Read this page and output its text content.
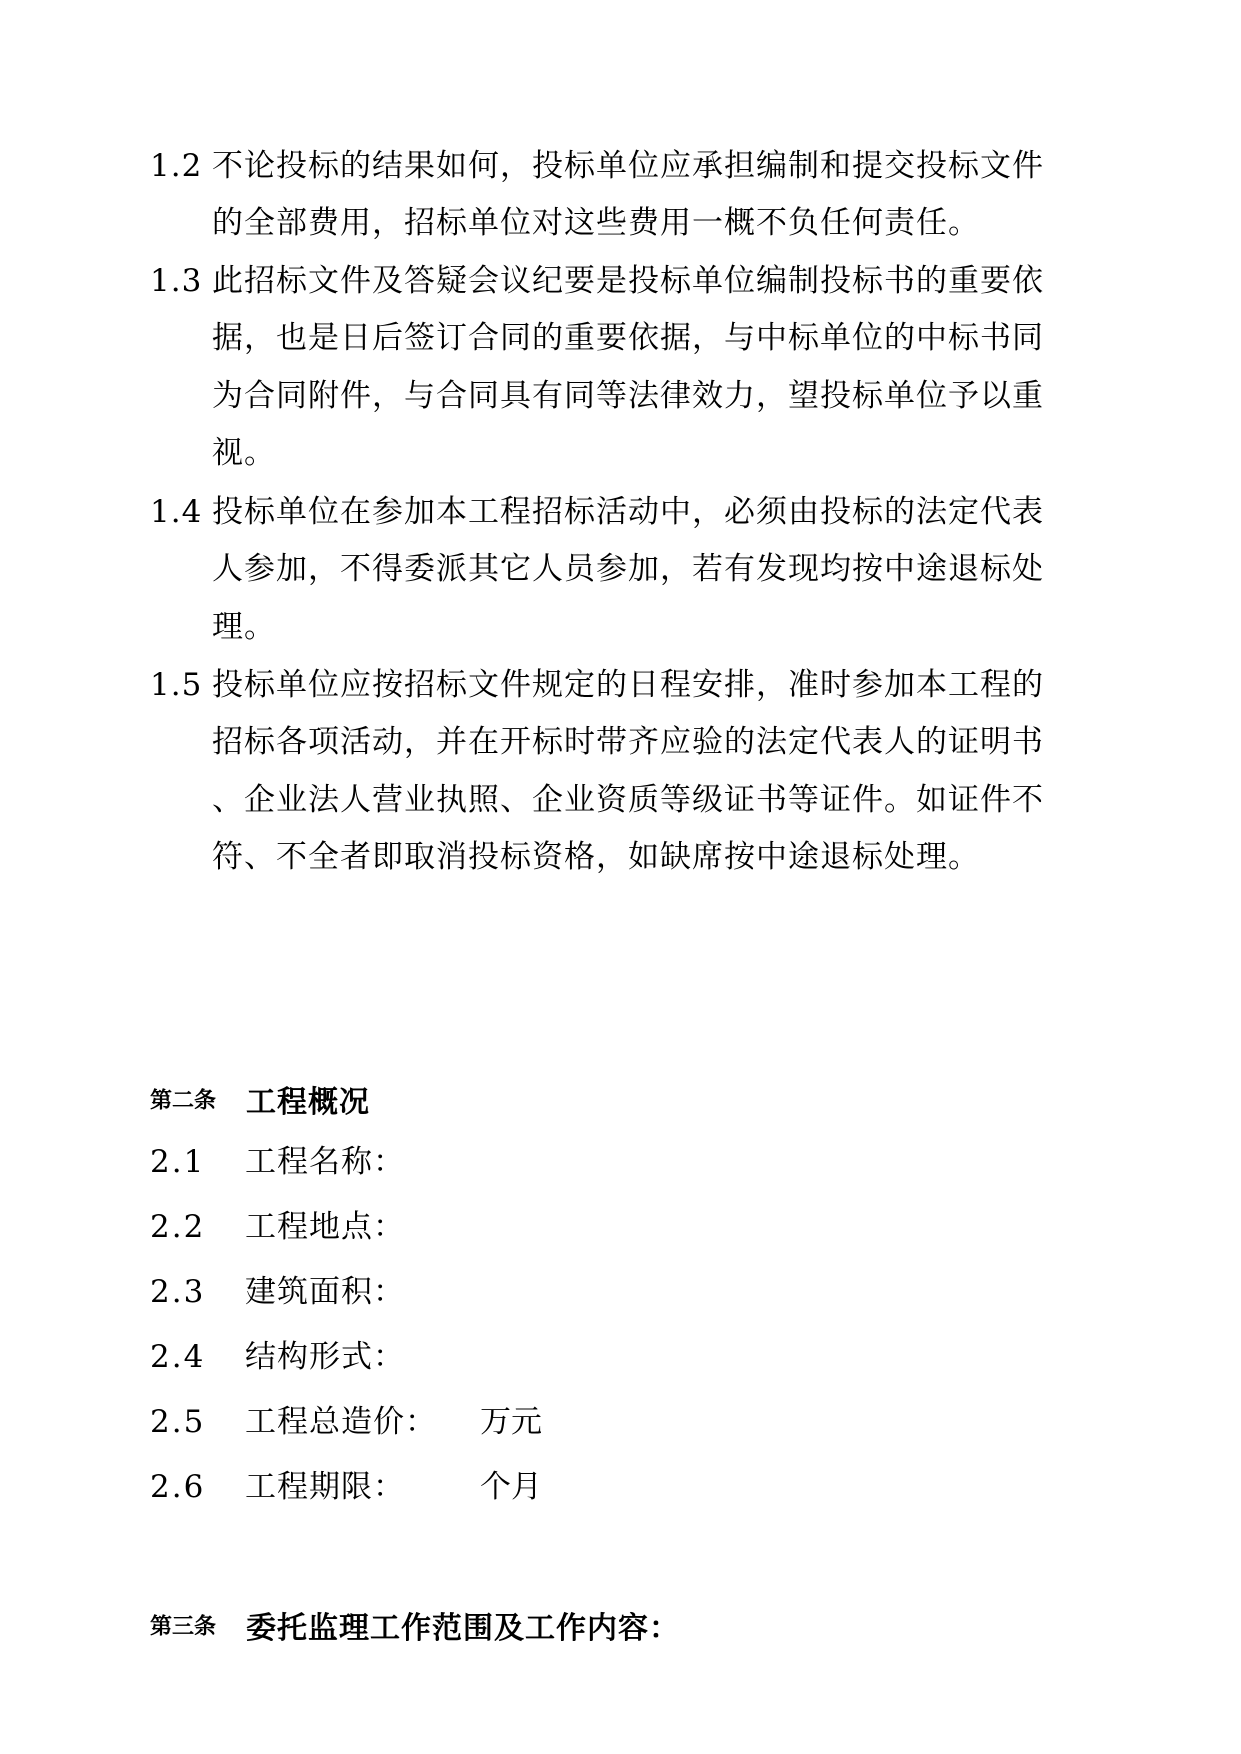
1.2 不论投标的结果如何，投标单位应承担编制和提交投标文件
的全部费用，招标单位对这些费用一概不负任何责任。
1.3 此招标文件及答疑会议纪要是投标单位编制投标书的重要依
据，也是日后签订合同的重要依据，与中标单位的中标书同
为合同附件，与合同具有同等法律效力，望投标单位予以重
视。
1.4 投标单位在参加本工程招标活动中，必须由投标的法定代表
人参加，不得委派其它人员参加，若有发现均按中途退标处
理。
1.5 投标单位应按招标文件规定的日程安排，准时参加本工程的
招标各项活动，并在开标时带齐应验的法定代表人的证明书
、企业法人营业执照、企业资质等级证书等证件。如证件不
符、不全者即取消投标资格，如缺席按中途退标处理。
第二条 工程概况
2.1 工程名称：
2.2 工程地点：
2.3 建筑面积：
2.4 结构形式：
2.5 工程总造价： 万元
2.6 工程期限： 个月
第三条 委托监理工作范围及工作内容：
